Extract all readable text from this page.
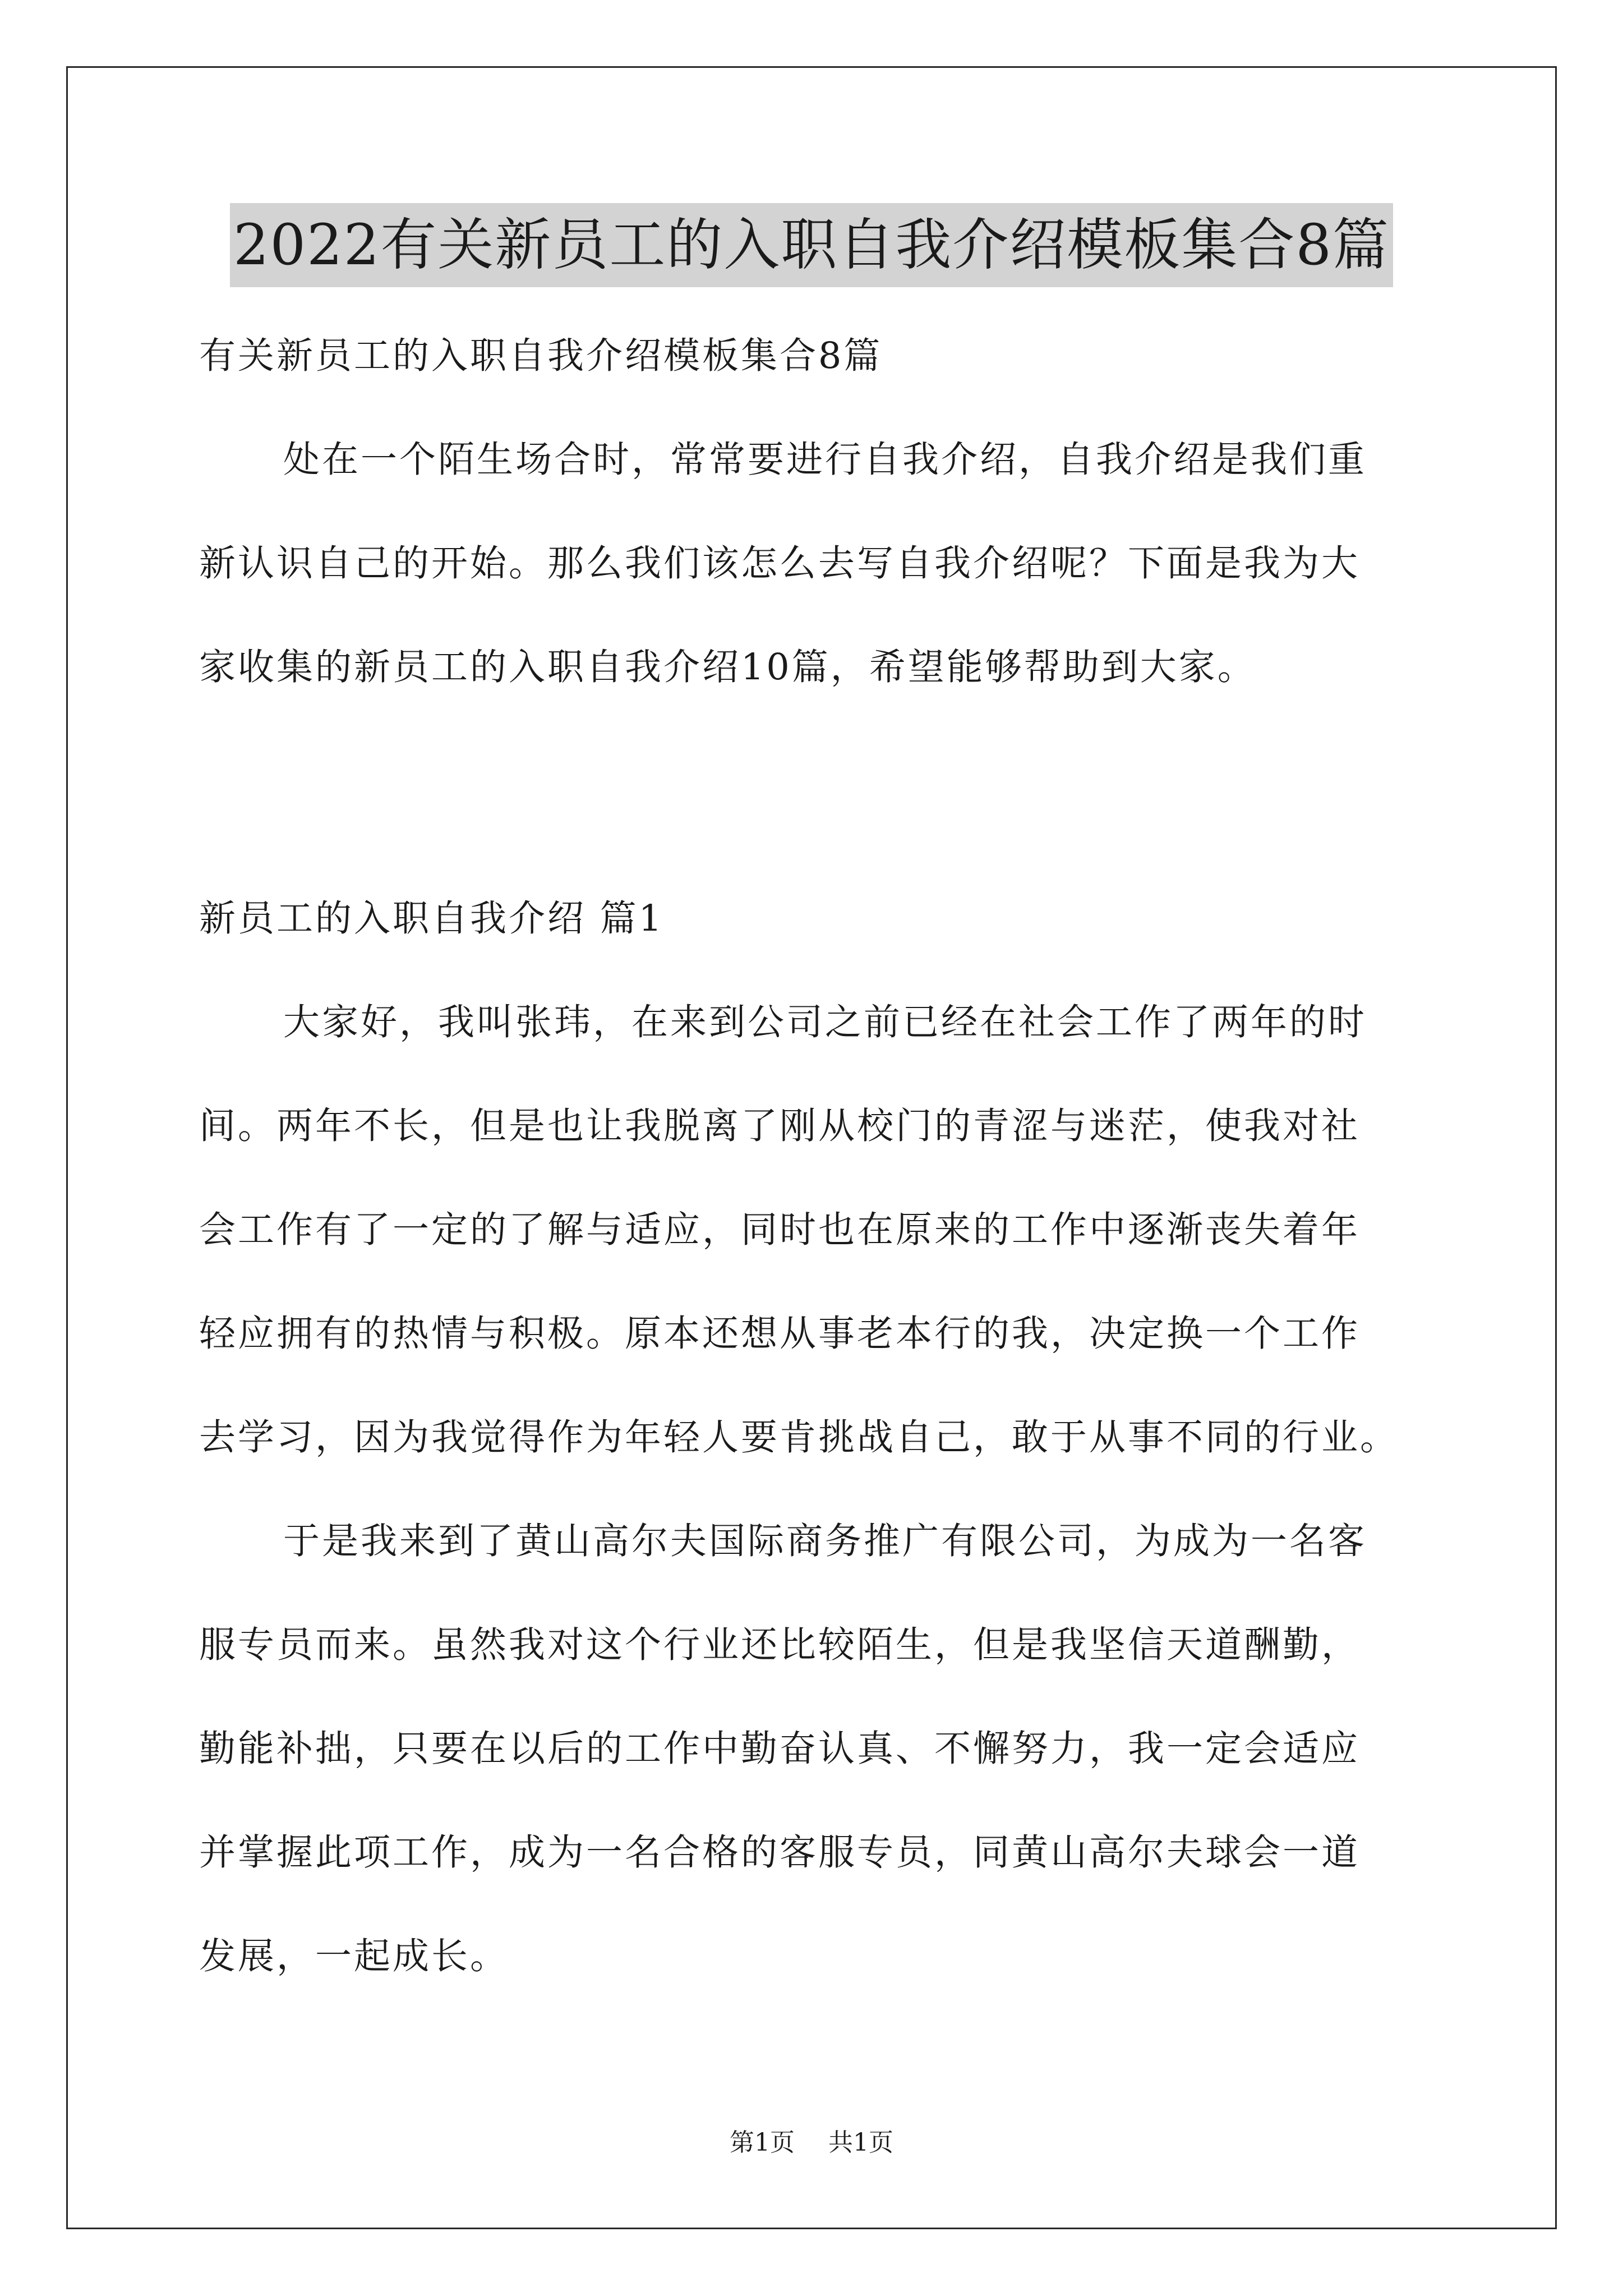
2022有关新员工的入职自我介绍模板集合8篇
有关新员工的入职自我介绍模板集合8篇
处在一个陌生场合时，常常要进行自我介绍，自我介绍是我们重
新认识自己的开始。那么我们该怎么去写自我介绍呢？下面是我为大
家收集的新员工的入职自我介绍10篇，希望能够帮助到大家。
新员工的入职自我介绍 篇1
大家好，我叫张玮，在来到公司之前已经在社会工作了两年的时
间。两年不长，但是也让我脱离了刚从校门的青涩与迷茫，使我对社
会工作有了一定的了解与适应，同时也在原来的工作中逐渐丧失着年
轻应拥有的热情与积极。原本还想从事老本行的我，决定换一个工作
去学习，因为我觉得作为年轻人要肯挑战自己，敢于从事不同的行业。
于是我来到了黄山高尔夫国际商务推广有限公司，为成为一名客
服专员而来。虽然我对这个行业还比较陌生，但是我坚信天道酬勤，
勤能补拙，只要在以后的工作中勤奋认真、不懈努力，我一定会适应
并掌握此项工作，成为一名合格的客服专员，同黄山高尔夫球会一道
发展，一起成长。
第1页 共1页
